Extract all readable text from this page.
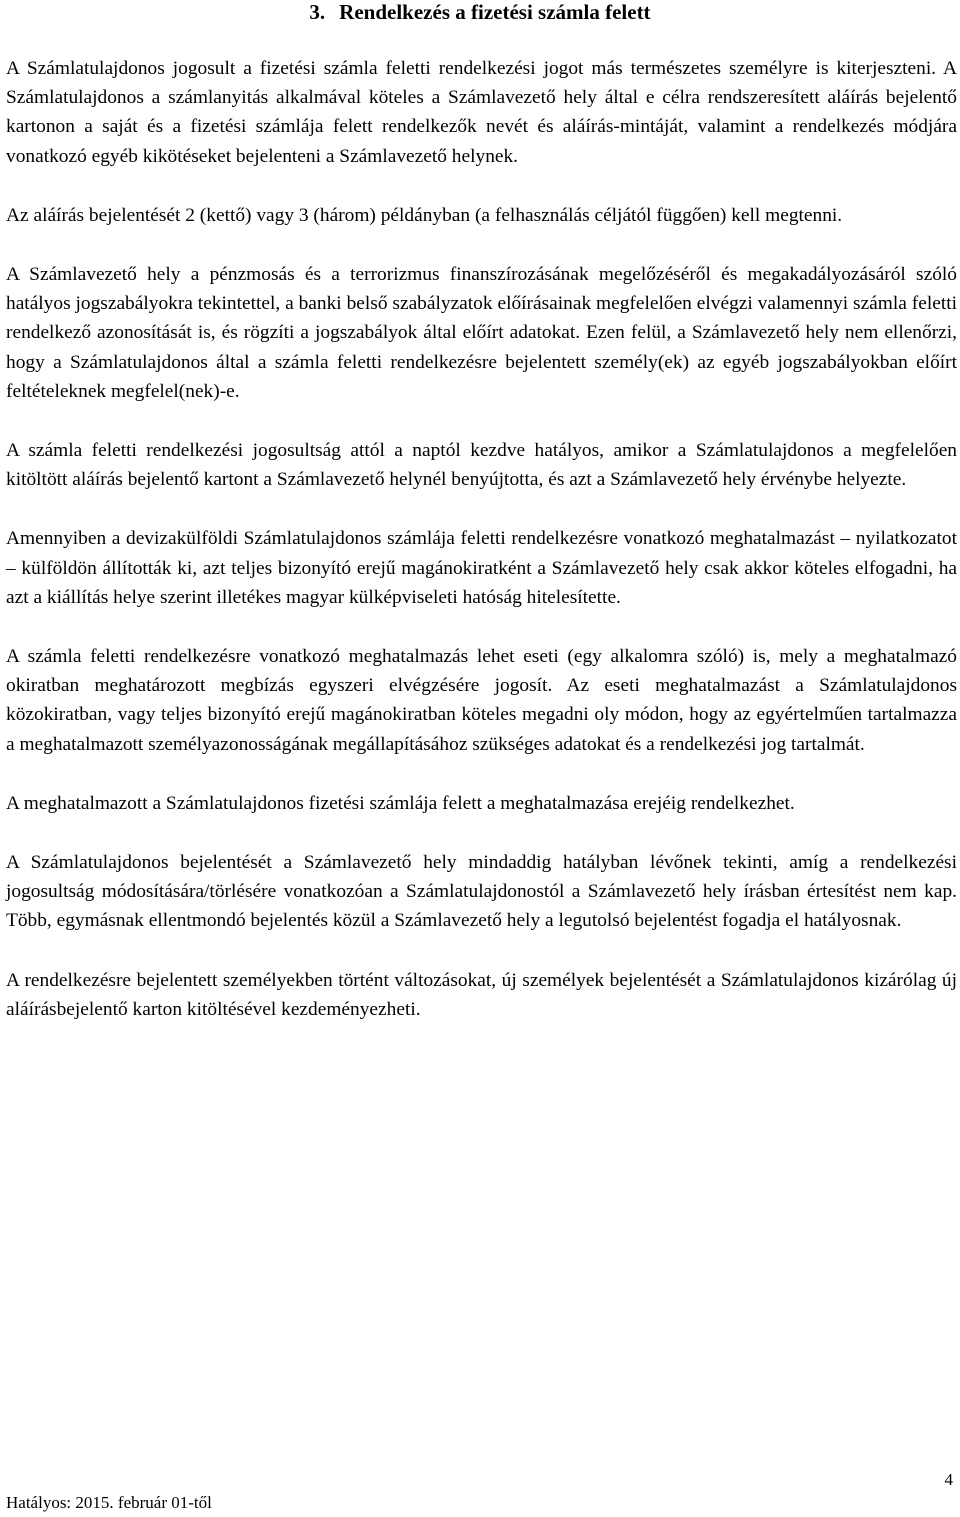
3. Rendelkezés a fizetési számla felett

A Számlatulajdonos jogosult a fizetési számla feletti rendelkezési jogot más természetes személyre is kiterjeszteni. A Számlatulajdonos a számlanyitás alkalmával köteles a Számlavezető hely által e célra rendszeresített aláírás bejelentő kartonon a saját és a fizetési számlája felett rendelkezők nevét és aláírás-mintáját, valamint a rendelkezés módjára vonatkozó egyéb kikötéseket bejelenteni a Számlavezető helynek.

Az aláírás bejelentését 2 (kettő) vagy 3 (három) példányban (a felhasználás céljától függően) kell megtenni.

A Számlavezető hely a pénzmosás és a terrorizmus finanszírozásának megelőzéséről és megakadályozásáról szóló hatályos jogszabályokra tekintettel, a banki belső szabályzatok előírásainak megfelelően elvégzi valamennyi számla feletti rendelkező azonosítását is, és rögzíti a jogszabályok által előírt adatokat. Ezen felül, a Számlavezető hely nem ellenőrzi, hogy a Számlatulajdonos által a számla feletti rendelkezésre bejelentett személy(ek) az egyéb jogszabályokban előírt feltételeknek megfelel(nek)-e.

A számla feletti rendelkezési jogosultság attól a naptól kezdve hatályos, amikor a Számlatulajdonos a megfelelően kitöltött aláírás bejelentő kartont a Számlavezető helynél benyújtotta, és azt a Számlavezető hely érvénybe helyezte.

Amennyiben a devizakülföldi Számlatulajdonos számlája feletti rendelkezésre vonatkozó meghatalmazást – nyilatkozatot – külföldön állították ki, azt teljes bizonyító erejű magánokiratként a Számlavezető hely csak akkor köteles elfogadni, ha azt a kiállítás helye szerint illetékes magyar külképviseleti hatóság hitelesítette.

A számla feletti rendelkezésre vonatkozó meghatalmazás lehet eseti (egy alkalomra szóló) is, mely a meghatalmazó okiratban meghatározott megbízás egyszeri elvégzésére jogosít. Az eseti meghatalmazást a Számlatulajdonos közokiratban, vagy teljes bizonyító erejű magánokiratban köteles megadni oly módon, hogy az egyértelműen tartalmazza a meghatalmazott személyazonosságának megállapításához szükséges adatokat és a rendelkezési jog tartalmát.

A meghatalmazott a Számlatulajdonos fizetési számlája felett a meghatalmazása erejéig rendelkezhet.

A Számlatulajdonos bejelentését a Számlavezető hely mindaddig hatályban lévőnek tekinti, amíg a rendelkezési jogosultság módosítására/törlésére vonatkozóan a Számlatulajdonostól a Számlavezető hely írásban értesítést nem kap. Több, egymásnak ellentmondó bejelentés közül a Számlavezető hely a legutolsó bejelentést fogadja el hatályosnak.

A rendelkezésre bejelentett személyekben történt változásokat, új személyek bejelentését a Számlatulajdonos kizárólag új aláírásbejelentő karton kitöltésével kezdeményezheti.

4
Hatályos: 2015. február 01-től
